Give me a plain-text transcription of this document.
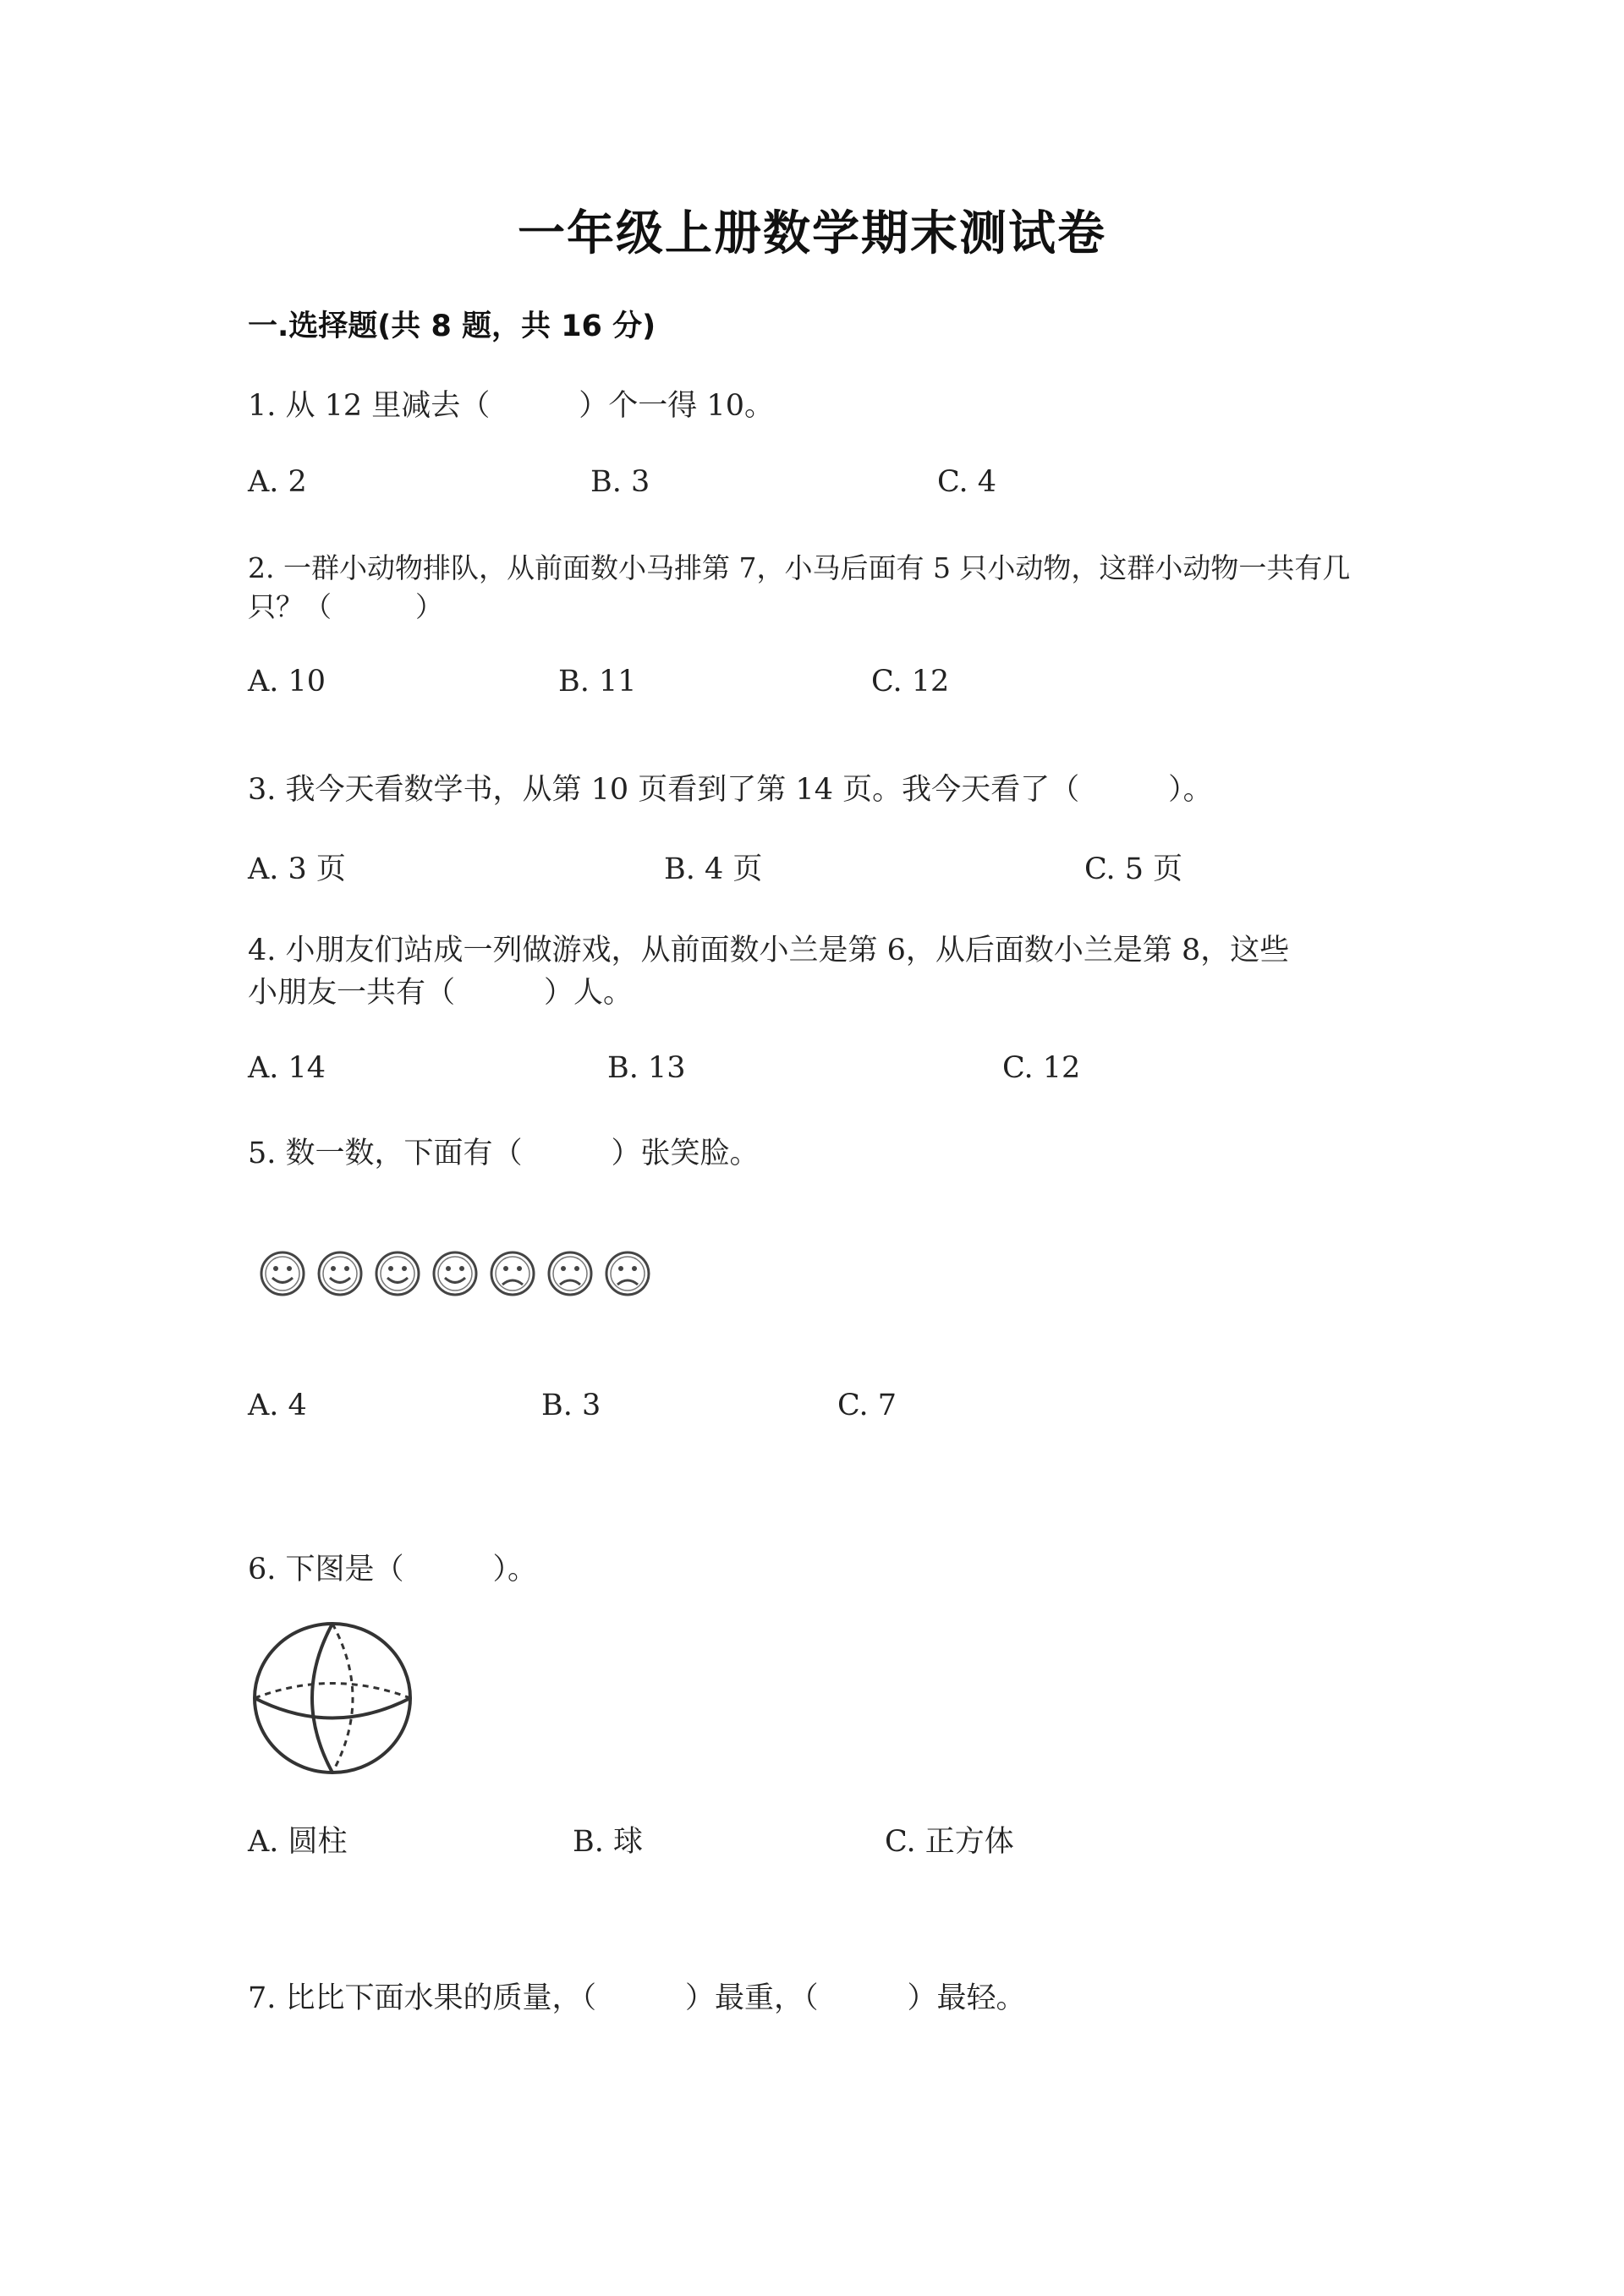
一年级上册数学期末测试卷
一.选择题(共 8 题，共 16 分)
1. 从 12 里减去（　　　）个一得 10。
A. 2	B. 3	C. 4
2. 一群小动物排队，从前面数小马排第 7，小马后面有 5 只小动物，这群小动物一共有几
只？（　　　）
A. 10	B. 11	C. 12
3. 我今天看数学书，从第 10 页看到了第 14 页。我今天看了（　　　）。
A. 3 页	B. 4 页	C. 5 页
4. 小朋友们站成一列做游戏，从前面数小兰是第 6，从后面数小兰是第 8，这些
小朋友一共有（　　　）人。
A. 14	B. 13	C. 12
5. 数一数，下面有（　　　）张笑脸。
A. 4	B. 3	C. 7
6. 下图是（　　　）。
A. 圆柱	B. 球	C. 正方体
7. 比比下面水果的质量，（　　　）最重，（　　　）最轻。
